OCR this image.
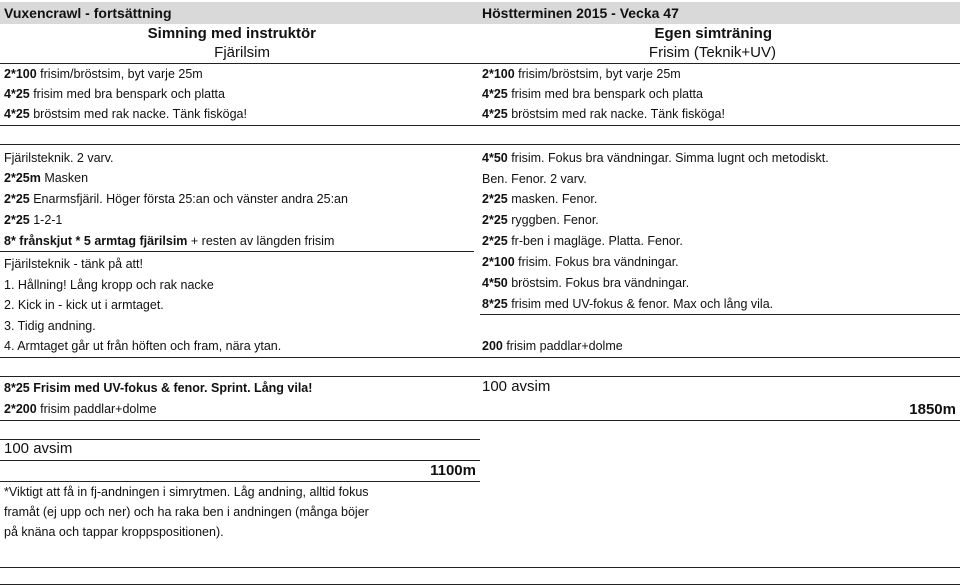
Vuxencrawl - fortsättning	Höstterminen 2015 - Vecka 47
Simning med instruktör
Fjärilsim
Egen simträning
Frisim (Teknik+UV)
2*100 frisim/bröstsim, byt varje 25m
4*25 frisim med bra benspark och platta
4*25 bröstsim med rak nacke. Tänk fisköga!
2*100 frisim/bröstsim, byt varje 25m
4*25 frisim med bra benspark och platta
4*25 bröstsim med rak nacke. Tänk fisköga!
Fjärilsteknik. 2 varv.
2*25m Masken
2*25 Enarmsfjäril. Höger första 25:an och vänster andra 25:an
2*25 1-2-1
8* frånskjut * 5 armtag fjärilsim + resten av längden frisim
Fjärilsteknik - tänk på att!
1. Hållning! Lång kropp och rak nacke
2. Kick in - kick ut i armtaget.
3. Tidig andning.
4. Armtaget går ut från höften och fram, nära ytan.
4*50 frisim. Fokus bra vändningar. Simma lugnt och metodiskt.
Ben. Fenor. 2 varv.
2*25 masken. Fenor.
2*25 ryggben. Fenor.
2*25 fr-ben i magläge. Platta. Fenor.
2*100 frisim. Fokus bra vändningar.
4*50 bröstsim. Fokus bra vändningar.
8*25 frisim med UV-fokus & fenor. Max och lång vila.
200 frisim paddlar+dolme
8*25 Frisim med UV-fokus & fenor. Sprint. Lång vila!
2*200 frisim paddlar+dolme
100 avsim
1850m
100 avsim
1100m
*Viktigt att få in fj-andningen i simrytmen. Låg andning, alltid fokus framåt (ej upp och ner) och ha raka ben i andningen (många böjer på knäna och tappar kroppspositionen).
